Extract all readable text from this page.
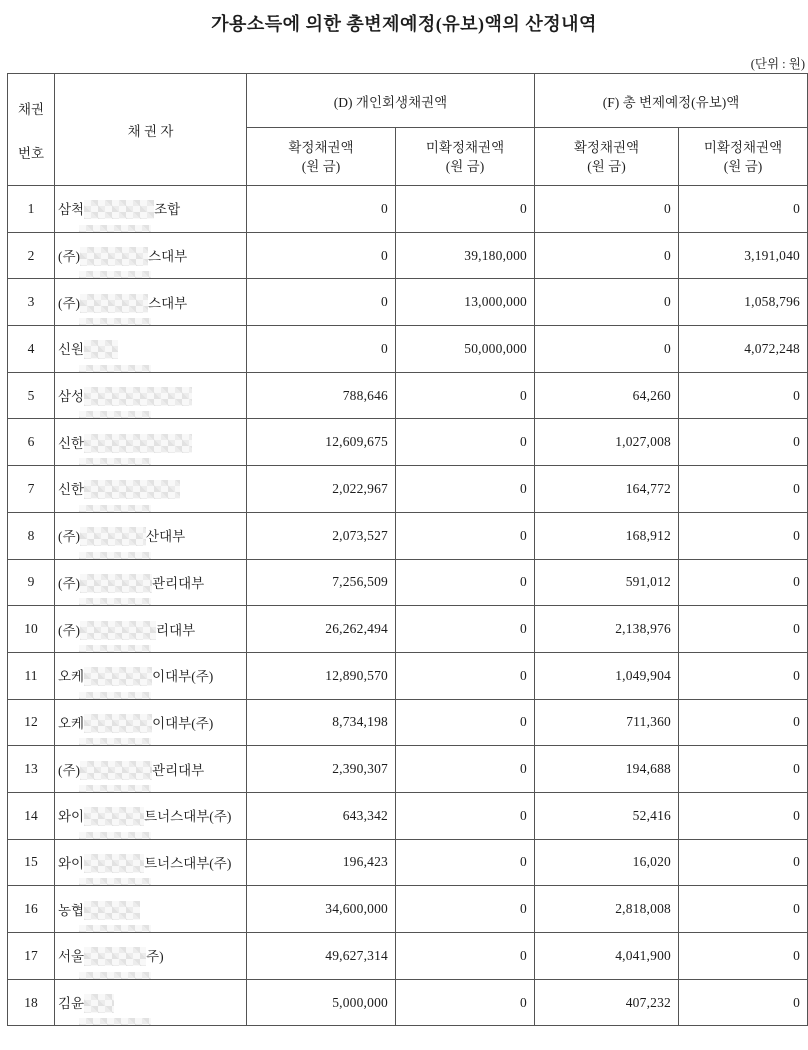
가용소득에 의한 총변제예정(유보)액의 산정내역
(단위 : 원)
채권
번호	채 권 자	(D) 개인회생채권액		(F) 총 변제예정(유보)액	

확정채권액
(원 금)

미확정채권액
(원 금)

확정채권액
(원 금)

미확정채권액
(원 금)

1	삼척 조합	0	0	0	0
2	(주) 스대부	0	39,180,000	0	3,191,040
3	(주) 스대부	0	13,000,000	0	1,058,796
4	신원	0	50,000,000	0	4,072,248
5	삼성	788,646	0	64,260	0
6	신한	12,609,675	0	1,027,008	0
7	신한	2,022,967	0	164,772	0
8	(주) 산대부	2,073,527	0	168,912	0
9	(주) 관리대부	7,256,509	0	591,012	0
10	(주) 리대부	26,262,494	0	2,138,976	0
11	오케 이대부(주)	12,890,570	0	1,049,904	0
12	오케 이대부(주)	8,734,198	0	711,360	0
13	(주) 관리대부	2,390,307	0	194,688	0
14	와이 트너스대부(주)	643,342	0	52,416	0
15	와이 트너스대부(주)	196,423	0	16,020	0
16	농협	34,600,000	0	2,818,008	0
17	서울 주)	49,627,314	0	4,041,900	0
18	김윤	5,000,000	0	407,232	0
